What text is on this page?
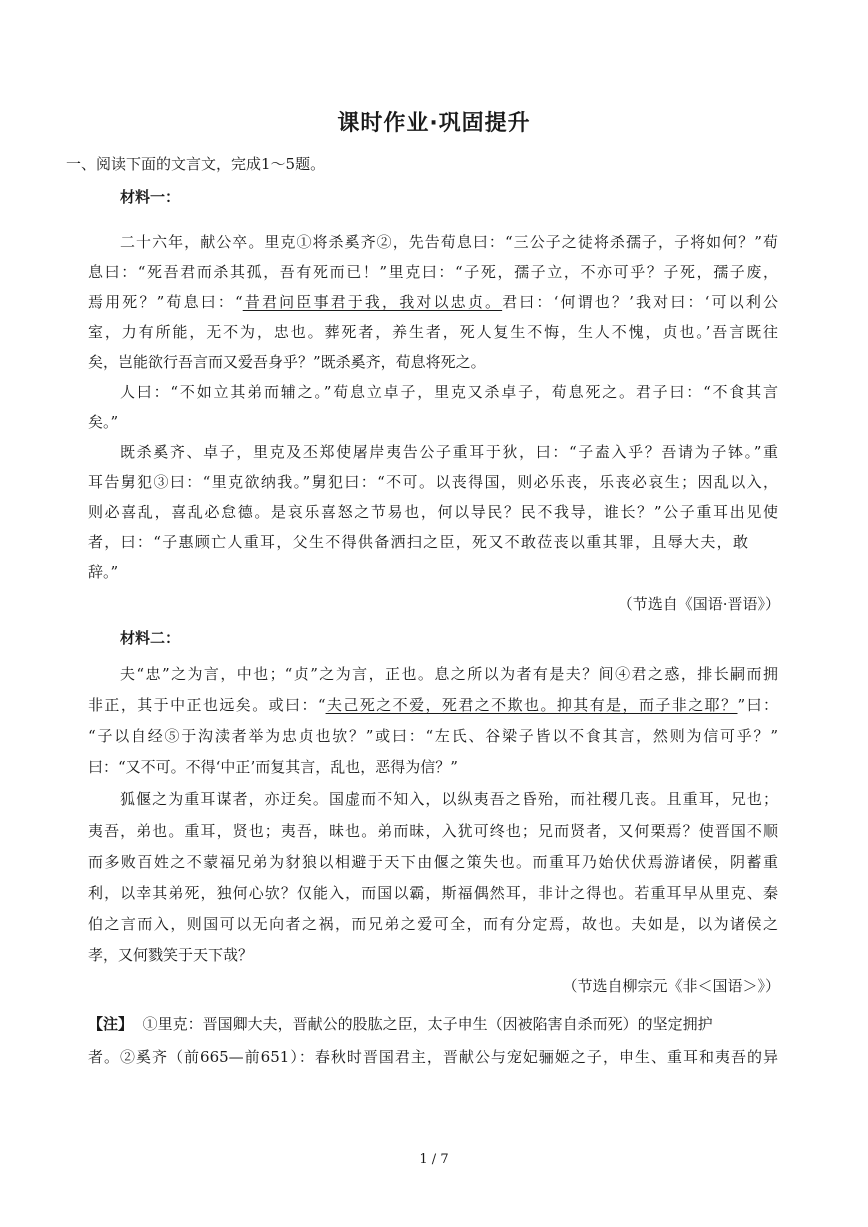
课时作业·巩固提升
一、阅读下面的文言文，完成1～5题。
材料一：
二十六年，献公卒。里克①将杀奚齐②，先告荀息曰：“三公子之徒将杀孺子，子将如何？”荀
息曰：“死吾君而杀其孤，吾有死而已！”里克曰：“子死，孺子立，不亦可乎？子死，孺子废，
焉用死？”荀息曰：“昔君问臣事君于我，我对以忠贞。君曰：‘何谓也？’我对曰：‘可以利公
室，力有所能，无不为，忠也。葬死者，养生者，死人复生不悔，生人不愧，贞也。’吾言既往
矣，岂能欲行吾言而又爱吾身乎？”既杀奚齐，荀息将死之。
人曰：“不如立其弟而辅之。”荀息立卓子，里克又杀卓子，荀息死之。君子曰：“不食其言
矣。”
既杀奚齐、卓子，里克及丕郑使屠岸夷告公子重耳于狄，曰：“子盍入乎？吾请为子钵。”重
耳告舅犯③曰：“里克欲纳我。”舅犯曰：“不可。以丧得国，则必乐丧，乐丧必哀生；因乱以入，
则必喜乱，喜乱必怠德。是哀乐喜怒之节易也，何以导民？民不我导，谁长？”公子重耳出见使
者，曰：“子惠顾亡人重耳，父生不得供备洒扫之臣，死又不敢莅丧以重其罪，且辱大夫，敢
辞。”
（节选自《国语·晋语》）
材料二：
夫“忠”之为言，中也；“贞”之为言，正也。息之所以为者有是夫？间④君之惑，排长嗣而拥
非正，其于中正也远矣。或曰：“夫己死之不爱，死君之不欺也。抑其有是，而子非之耶？”曰：
“子以自经⑤于沟渎者举为忠贞也欤？”或曰：“左氏、谷梁子皆以不食其言，然则为信可乎？”
曰：“又不可。不得‘中正’而复其言，乱也，恶得为信？”
狐偃之为重耳谋者，亦迂矣。国虚而不知入，以纵夷吾之昏殆，而社稷几丧。且重耳，兄也；
夷吾，弟也。重耳，贤也；夷吾，昧也。弟而昧，入犹可终也；兄而贤者，又何栗焉？使晋国不顺
而多败百姓之不蒙福兄弟为豺狼以相避于天下由偃之策失也。而重耳乃始伏伏焉游诸侯，阴蓄重
利，以幸其弟死，独何心欤？仅能入，而国以霸，斯福偶然耳，非计之得也。若重耳早从里克、秦
伯之言而入，则国可以无向者之祸，而兄弟之爱可全，而有分定焉，故也。夫如是，以为诸侯之
孝，又何戮笑于天下哉？
（节选自柳宗元《非＜国语＞》）
【注】 ①里克：晋国卿大夫，晋献公的股肱之臣，太子申生（因被陷害自杀而死）的坚定拥护
者。②奚齐（前665—前651）：春秋时晋国君主，晋献公与宠妃骊姬之子，申生、重耳和夷吾的异
1 / 7
